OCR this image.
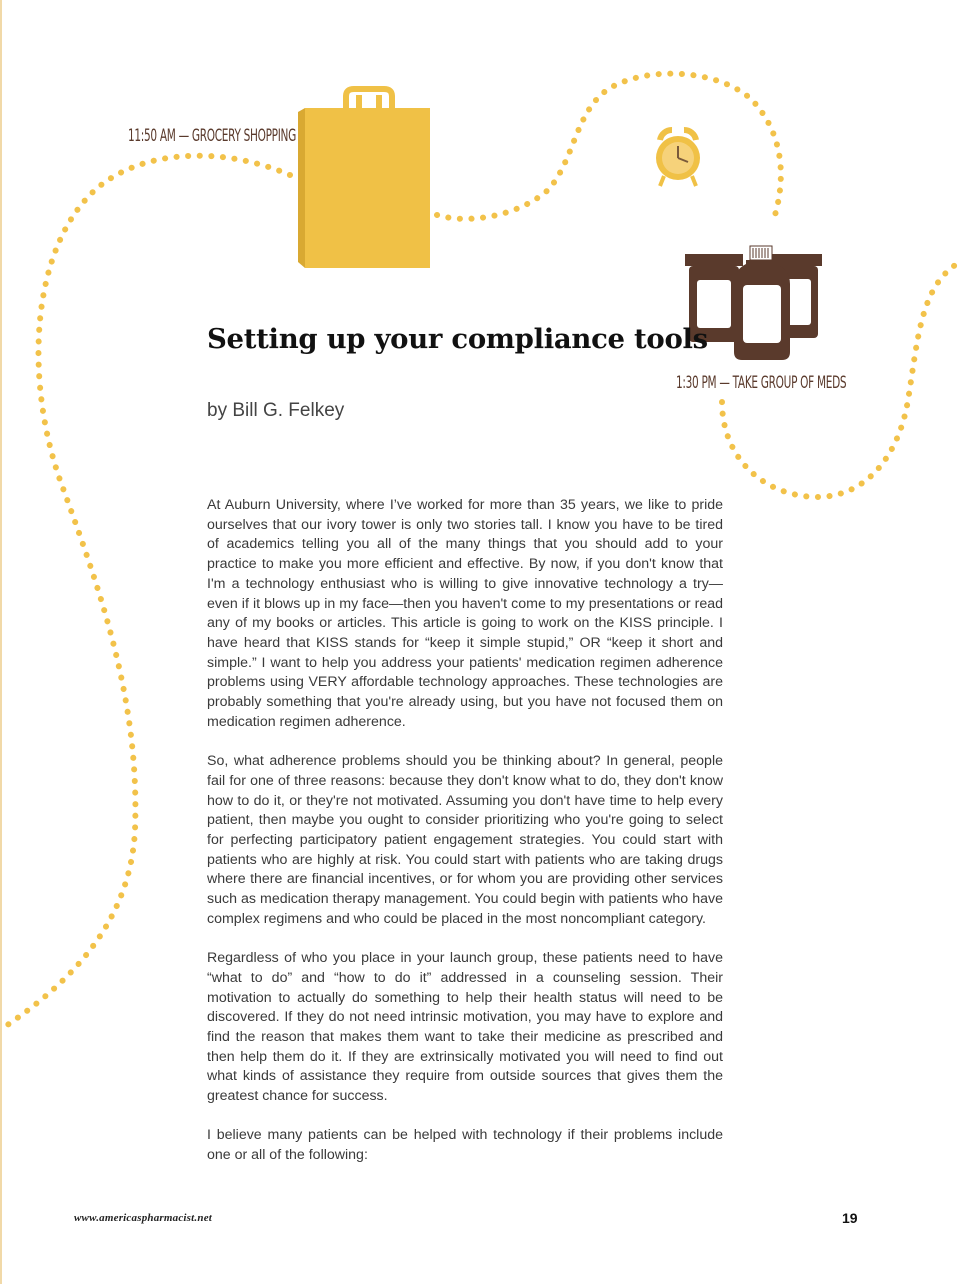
11:50 AM — GROCERY SHOPPING
1:30 PM — TAKE GROUP OF MEDS
Setting up your compliance tools
by Bill G. Felkey

At Auburn University, where I’ve worked for more than 35 years, we like to pride ourselves that our ivory tower is only two stories tall. I know you have to be tired of academics telling you all of the many things that you should add to your practice to make you more efficient and effective. By now, if you don't know that I'm a technology enthusiast who is willing to give innovative technology a try—even if it blows up in my face—then you haven't come to my presentations or read any of my books or articles. This article is going to work on the KISS principle. I have heard that KISS stands for “keep it simple stupid,” OR “keep it short and simple.” I want to help you address your patients' medication regimen adherence problems using VERY affordable technology approaches. These technologies are probably something that you're already using, but you have not focused them on medication regimen adherence.

So, what adherence problems should you be thinking about? In general, people fail for one of three reasons: because they don't know what to do, they don't know how to do it, or they're not motivated. Assuming you don't have time to help every patient, then maybe you ought to consider prioritizing who you're going to select for perfecting participatory patient engagement strategies. You could start with patients who are highly at risk. You could start with patients who are taking drugs where there are financial incentives, or for whom you are providing other services such as medication therapy management. You could begin with patients who have complex regimens and who could be placed in the most noncompliant category.

Regardless of who you place in your launch group, these patients need to have “what to do” and “how to do it” addressed in a counseling session. Their motivation to actually do something to help their health status will need to be discovered. If they do not need intrinsic motivation, you may have to explore and find the reason that makes them want to take their medicine as prescribed and then help them do it. If they are extrinsically motivated you will need to find out what kinds of assistance they require from outside sources that gives them the greatest chance for success.

I believe many patients can be helped with technology if their problems include one or all of the following:

www.americaspharmacist.net	19
